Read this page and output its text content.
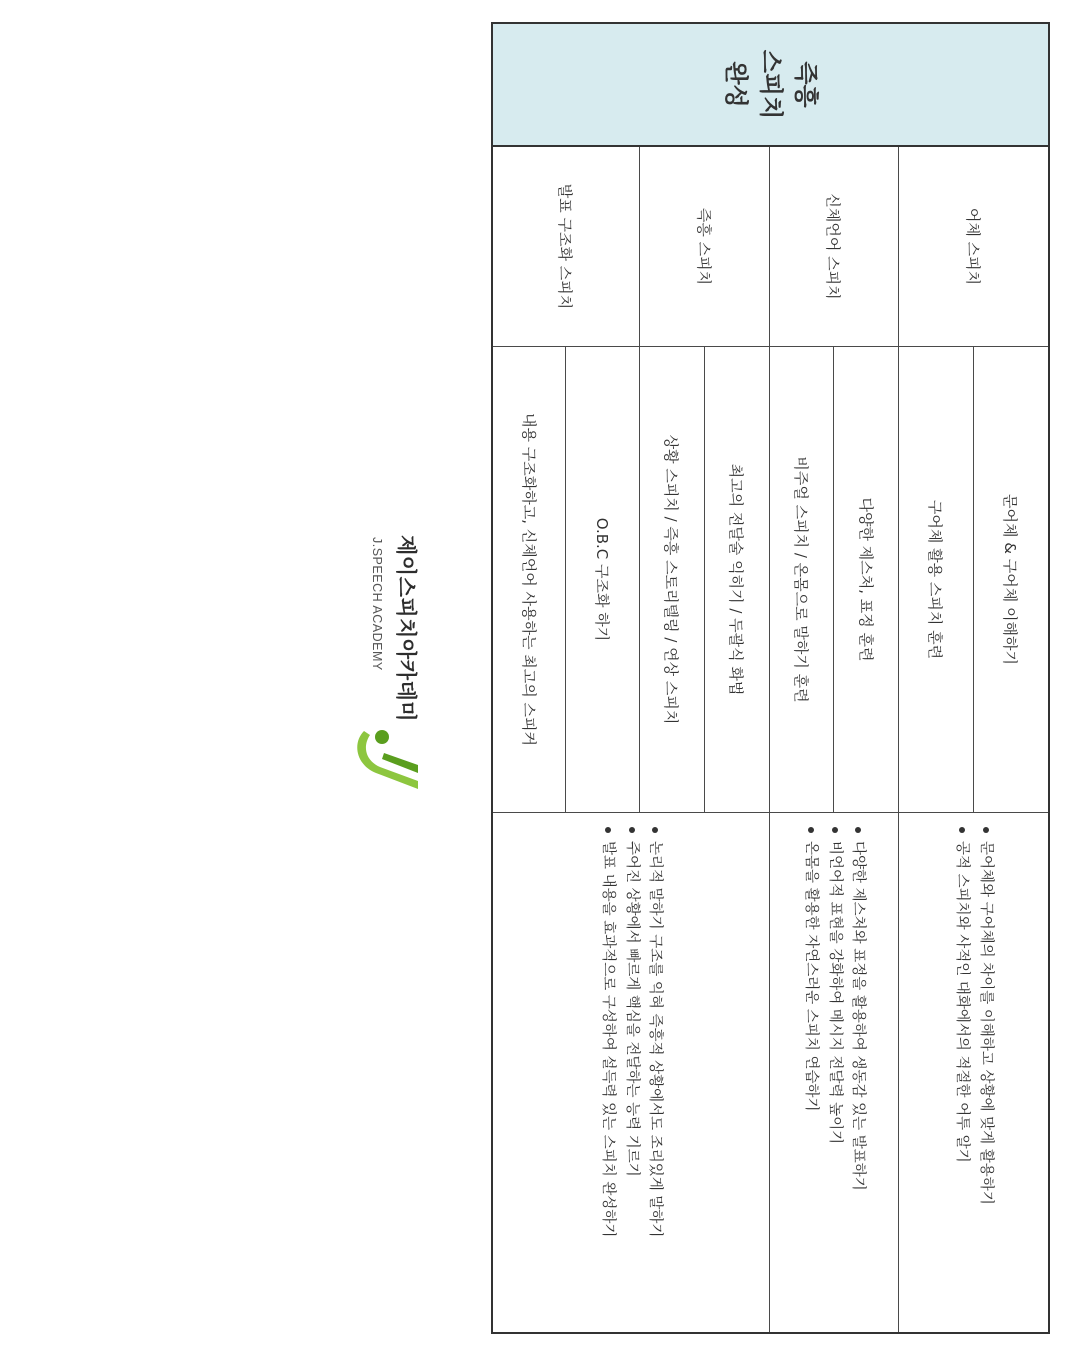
즉흥
스피치
완성
어체 스피치
문어체 & 구어체 이해하기
구어체 활용 스피치 훈련
문어체와 구어체의 차이를 이해하고 상황에 맞게 활용하기
공적 스피치와 사적인 대화에서의 적절한 어투 알기
신체언어 스피치
다양한 제스처, 표정 훈련
비주얼 스피치 / 온몸으로 말하기 훈련
다양한 제스처와 표정을 활용하여 생동감 있는 발표하기
비언어적 표현을 강화하여 메시지 전달력 높이기
온몸을 활용한 자연스러운 스피치 연습하기
즉흥 스피치
최고의 전달술 익히기 / 두괄식 화법
상황 스피치 / 즉흥 스토리텔링 / 연상 스피치
논리적 말하기 구조를 익혀 즉흥적 상황에서도 조리있게 말하기
주어진 상황에서 빠르게 핵심을 전달하는 능력 기르기
발표 내용을 효과적으로 구성하여 설득력 있는 스피치 완성하기
발표 구조화 스피치
O.B.C 구조화 하기
내용 구조화하고, 신체언어 사용하는 최고의 스피커
제이스피치아카데미
J.SPEECH ACADEMY
